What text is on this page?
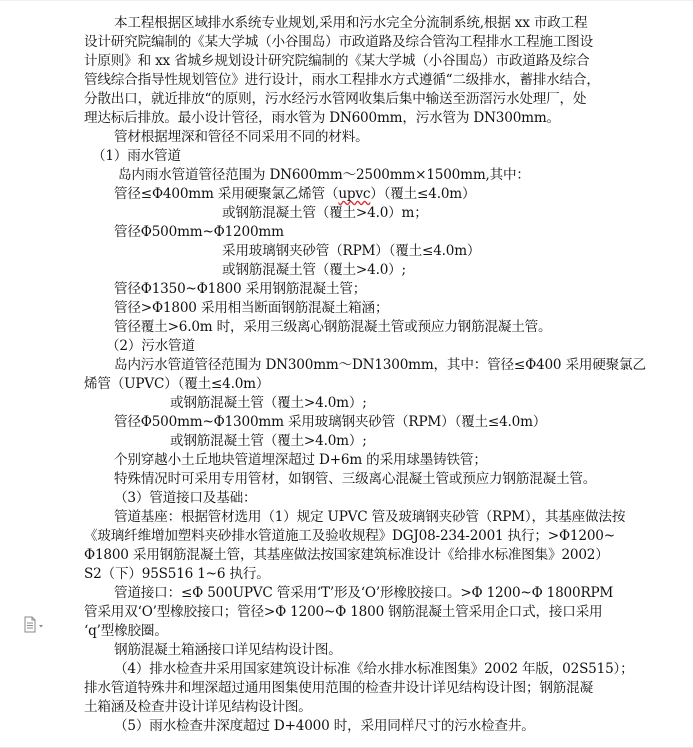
本工程根据区域排水系统专业规划,采用和污水完全分流制系统,根据 xx 市政工程
设计研究院编制的《某大学城（小谷围岛）市政道路及综合管沟工程排水工程施工图设
计原则》和 xx 省城乡规划设计研究院编制的《某大学城（小谷围岛）市政道路及综合
管线综合指导性规划管位》进行设计，雨水工程排水方式遵循“二级排水，蓄排水结合，
分散出口，就近排放“的原则，污水经污水管网收集后集中输送至沥滘污水处理厂，处
理达标后排放。最小设计管径，雨水管为 DN600mm，污水管为 DN300mm。
管材根据埋深和管径不同采用不同的材料。
（1）雨水管道
岛内雨水管道管径范围为 DN600mm～2500mm×1500mm,其中：
管径≤Φ400mm 采用硬聚氯乙烯管（upvc）（覆土≤4.0m）
或钢筋混凝土管（覆土>4.0）m；
管径Φ500mm~Φ1200mm
采用玻璃钢夹砂管（RPM）（覆土≤4.0m）
或钢筋混凝土管（覆土>4.0）;
管径Φ1350~Φ1800 采用钢筋混凝土管；
管径>Φ1800 采用相当断面钢筋混凝土箱涵；
管径覆土>6.0m 时，采用三级离心钢筋混凝土管或预应力钢筋混凝土管。
（2）污水管道
岛内污水管道管径范围为 DN300mm～DN1300mm，其中：管径≤Φ400 采用硬聚氯乙
烯管（UPVC）（覆土≤4.0m）
或钢筋混凝土管（覆土>4.0m）;
管径Φ500mm~Φ1300mm 采用玻璃钢夹砂管（RPM）（覆土≤4.0m）
或钢筋混凝土管（覆土>4.0m）;
个别穿越小土丘地块管道埋深超过 D+6m 的采用球墨铸铁管；
特殊情况时可采用专用管材，如钢管、三级离心混凝土管或预应力钢筋混凝土管。
（3）管道接口及基础：
管道基座：根据管材选用（1）规定 UPVC 管及玻璃钢夹砂管（RPM），其基座做法按
《玻璃纤维增加塑料夹砂排水管道施工及验收规程》DGJ08-234-2001 执行；>Φ1200~
Φ1800 采用钢筋混凝土管，其基座做法按国家建筑标准设计《给排水标准图集》2002）
S2（下）95S516 1~6 执行。
管道接口：≤Φ 500UPVC 管采用‘T’形及‘O’形橡胶接口。>Φ 1200~Φ 1800RPM
管采用双‘O’型橡胶接口；管径>Φ 1200~Φ 1800 钢筋混凝土管采用企口式，接口采用
‘q’型橡胶圈。
钢筋混凝土箱涵接口详见结构设计图。
（4）排水检查井采用国家建筑设计标准《给水排水标准图集》2002 年版，02S515）；
排水管道特殊井和埋深超过通用图集使用范围的检查井设计详见结构设计图；钢筋混凝
土箱涵及检查井设计详见结构设计图。
（5）雨水检查井深度超过 D+4000 时，采用同样尺寸的污水检查井。
